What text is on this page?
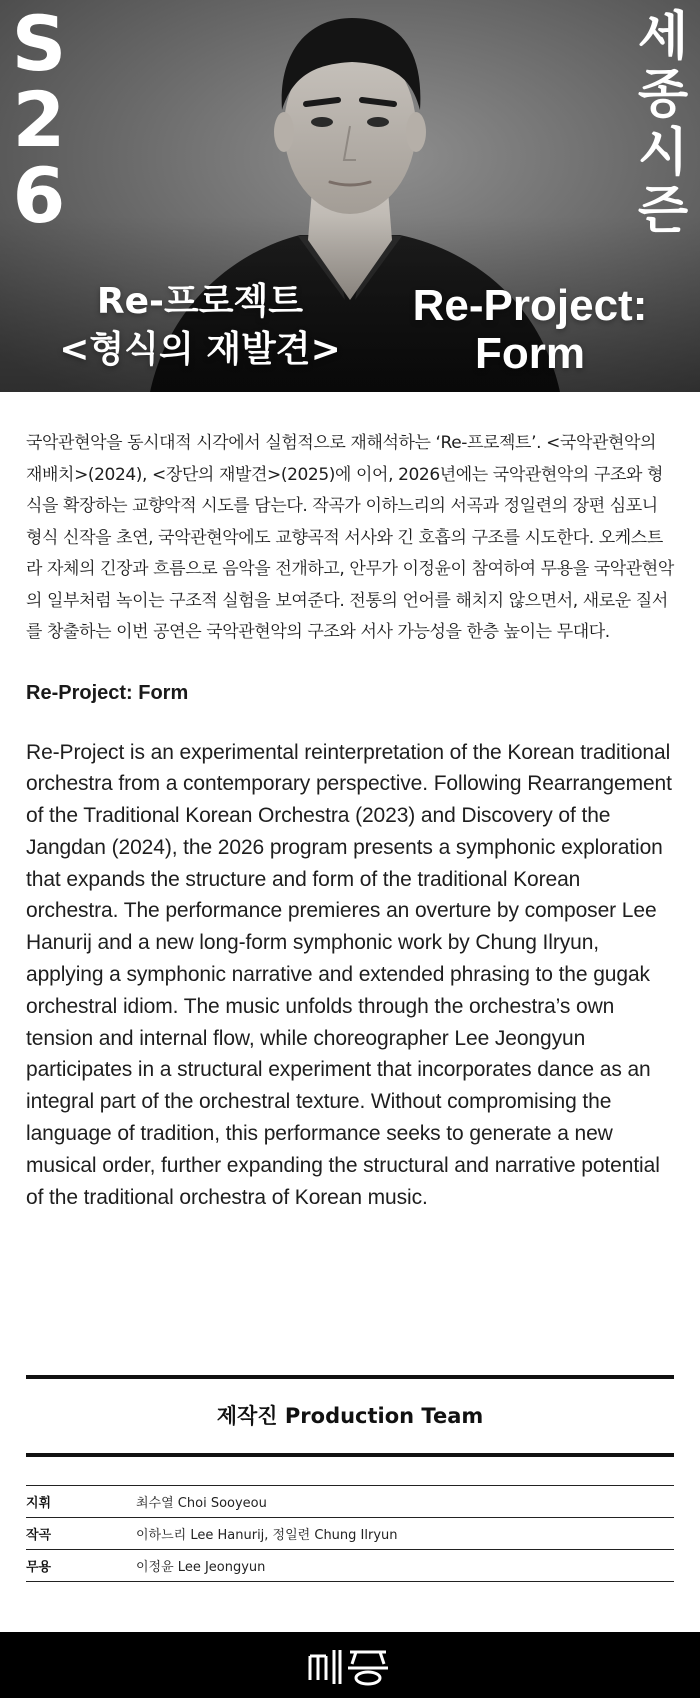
S
2
6
세
종
시
즌
Re-프로젝트
<형식의 재발견>
Re-Project:
Form

국악관현악을 동시대적 시각에서 실험적으로 재해석하는 ‘Re-프로젝트’. <국악관현악의 재배치>(2024), <장단의 재발견>(2025)에 이어, 2026년에는 국악관현악의 구조와 형식을 확장하는 교향악적 시도를 담는다. 작곡가 이하느리의 서곡과 정일련의 장편 심포니 형식 신작을 초연, 국악관현악에도 교향곡적 서사와 긴 호흡의 구조를 시도한다. 오케스트라 자체의 긴장과 흐름으로 음악을 전개하고, 안무가 이정윤이 참여하여 무용을 국악관현악의 일부처럼 녹이는 구조적 실험을 보여준다. 전통의 언어를 해치지 않으면서, 새로운 질서를 창출하는 이번 공연은 국악관현악의 구조와 서사 가능성을 한층 높이는 무대다.

Re-Project: Form

Re-Project is an experimental reinterpretation of the Korean traditional orchestra from a contemporary perspective. Following Rearrangement of the Traditional Korean Orchestra (2023) and Discovery of the Jangdan (2024), the 2026 program presents a symphonic exploration that expands the structure and form of the traditional Korean orchestra. The performance premieres an overture by composer Lee Hanurij and a new long-form symphonic work by Chung Ilryun, applying a symphonic narrative and extended phrasing to the gugak orchestral idiom. The music unfolds through the orchestra’s own tension and internal flow, while choreographer Lee Jeongyun participates in a structural experiment that incorporates dance as an integral part of the orchestral texture. Without compromising the language of tradition, this performance seeks to generate a new musical order, further expanding the structural and narrative potential of the traditional orchestra of Korean music.

제작진 Production Team
지휘	최수열 Choi Sooyeou
작곡	이하느리 Lee Hanurij, 정일련 Chung Ilryun
무용	이정윤 Lee Jeongyun
